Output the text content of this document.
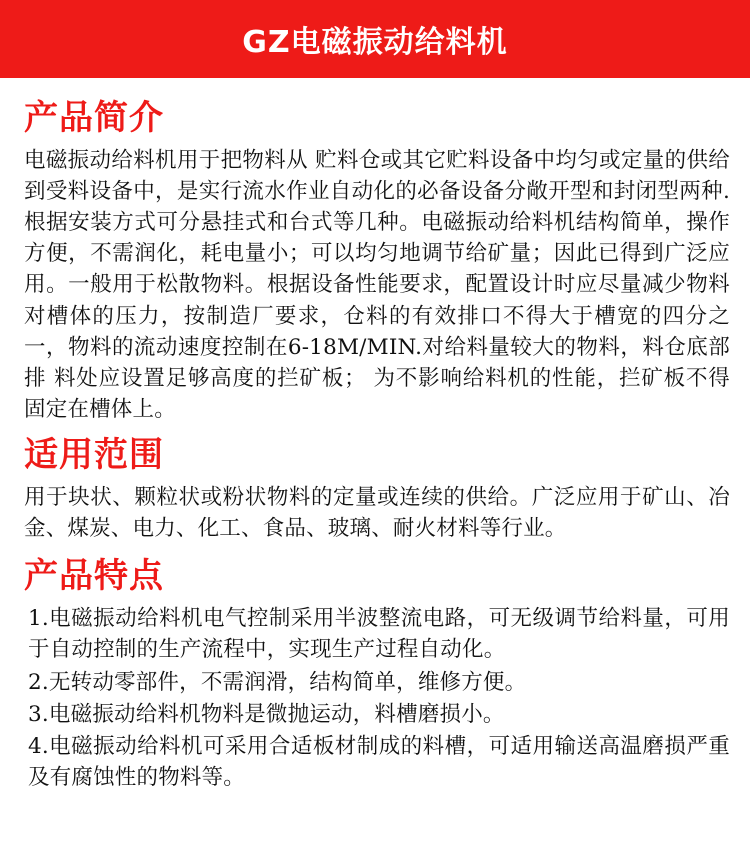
GZ电磁振动给料机
产品简介

电磁振动给料机用于把物料从 贮料仓或其它贮料设备中均匀或定量的供给到受料设备中，是实行流水作业自动化的必备设备分敞开型和封闭型两种.根据安装方式可分悬挂式和台式等几种。电磁振动给料机结构简单，操作方便，不需润化，耗电量小；可以均匀地调节给矿量；因此已得到广泛应用。一般用于松散物料。根据设备性能要求，配置设计时应尽量减少物料对槽体的压力，按制造厂要求，仓料的有效排口不得大于槽宽的四分之一，物料的流动速度控制在6-18M/MIN.对给料量较大的物料，料仓底部排 料处应设置足够高度的拦矿板； 为不影响给料机的性能，拦矿板不得固定在槽体上。

适用范围

用于块状、颗粒状或粉状物料的定量或连续的供给。广泛应用于矿山、冶金、煤炭、电力、化工、食品、玻璃、耐火材料等行业。

产品特点
1.电磁振动给料机电气控制采用半波整流电路，可无级调节给料量，可用于自动控制的生产流程中，实现生产过程自动化。
2.无转动零部件，不需润滑，结构简单，维修方便。
3.电磁振动给料机物料是微抛运动，料槽磨损小。
4.电磁振动给料机可采用合适板材制成的料槽，可适用输送高温磨损严重及有腐蚀性的物料等。
